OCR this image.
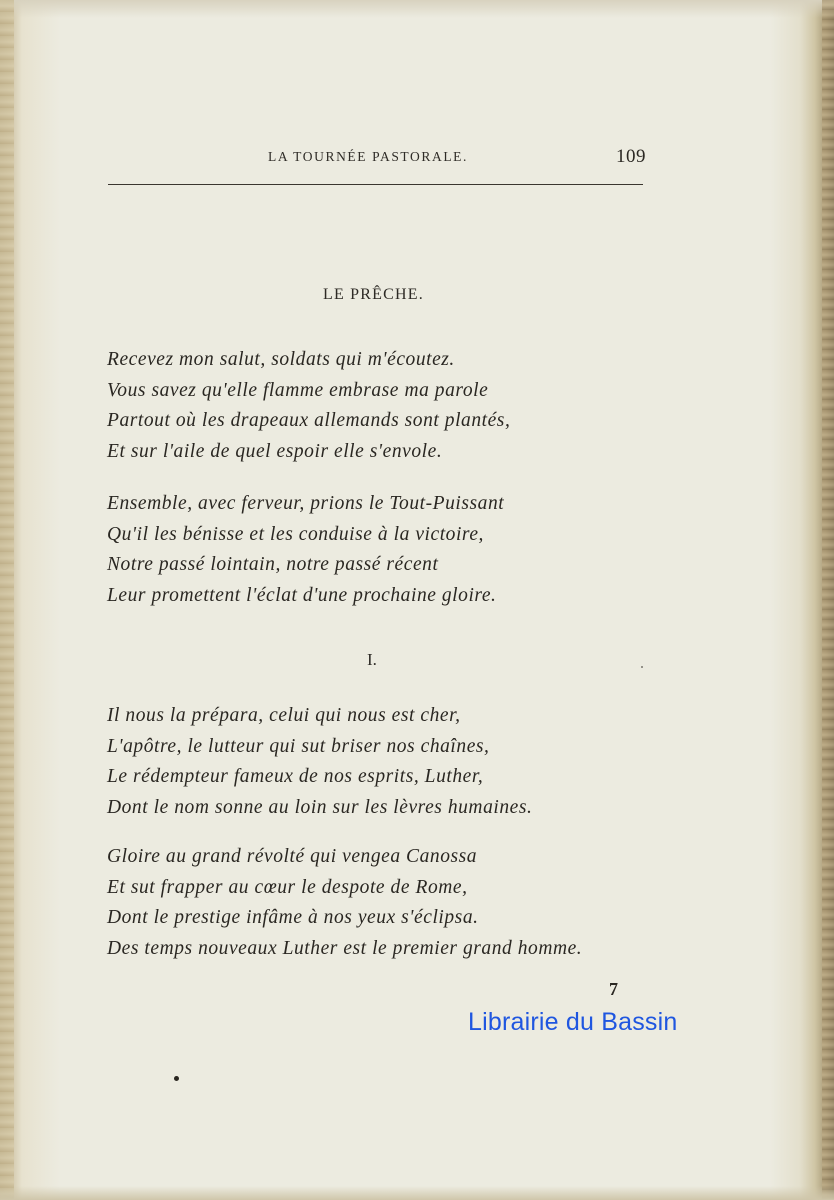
LA TOURNÉE PASTORALE.	109
LE PRÊCHE.
Recevez mon salut, soldats qui m'écoutez.
Vous savez qu'elle flamme embrase ma parole
Partout où les drapeaux allemands sont plantés,
Et sur l'aile de quel espoir elle s'envole.
Ensemble, avec ferveur, prions le Tout-Puissant
Qu'il les bénisse et les conduise à la victoire,
Notre passé lointain, notre passé récent
Leur promettent l'éclat d'une prochaine gloire.
I.
Il nous la prépara, celui qui nous est cher,
L'apôtre, le lutteur qui sut briser nos chaînes,
Le rédempteur fameux de nos esprits, Luther,
Dont le nom sonne au loin sur les lèvres humaines.
Gloire au grand révolté qui vengea Canossa
Et sut frapper au cœur le despote de Rome,
Dont le prestige infâme à nos yeux s'éclipsa.
Des temps nouveaux Luther est le premier grand homme.
7
Librairie du Bassin
